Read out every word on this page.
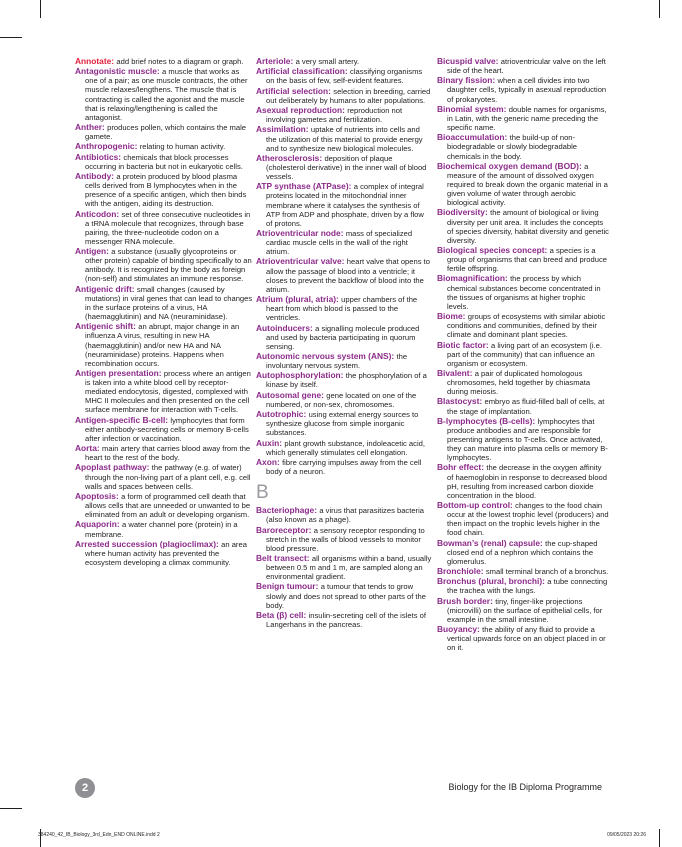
Annotate: add brief notes to a diagram or graph.
Antagonistic muscle: a muscle that works as one of a pair; as one muscle contracts, the other muscle relaxes/lengthens. The muscle that is contracting is called the agonist and the muscle that is relaxing/lengthening is called the antagonist.
Anther: produces pollen, which contains the male gamete.
Anthropogenic: relating to human activity.
Antibiotics: chemicals that block processes occurring in bacteria but not in eukaryotic cells.
Antibody: a protein produced by blood plasma cells derived from B lymphocytes when in the presence of a specific antigen, which then binds with the antigen, aiding its destruction.
Anticodon: set of three consecutive nucleotides in a tRNA molecule that recognizes, through base pairing, the three-nucleotide codon on a messenger RNA molecule.
Antigen: a substance (usually glycoproteins or other protein) capable of binding specifically to an antibody. It is recognized by the body as foreign (non-self) and stimulates an immune response.
Antigenic drift: small changes (caused by mutations) in viral genes that can lead to changes in the surface proteins of a virus, HA (haemagglutinin) and NA (neuraminidase).
Antigenic shift: an abrupt, major change in an influenza A virus, resulting in new HA (haemagglutinin) and/or new HA and NA (neuraminidase) proteins. Happens when recombination occurs.
Antigen presentation: process where an antigen is taken into a white blood cell by receptor-mediated endocytosis, digested, complexed with MHC II molecules and then presented on the cell surface membrane for interaction with T-cells.
Antigen-specific B-cell: lymphocytes that form either antibody-secreting cells or memory B-cells after infection or vaccination.
Aorta: main artery that carries blood away from the heart to the rest of the body.
Apoplast pathway: the pathway (e.g. of water) through the non-living part of a plant cell, e.g. cell walls and spaces between cells.
Apoptosis: a form of programmed cell death that allows cells that are unneeded or unwanted to be eliminated from an adult or developing organism.
Aquaporin: a water channel pore (protein) in a membrane.
Arrested succession (plagioclimax): an area where human activity has prevented the ecosystem developing a climax community.
Arteriole: a very small artery.
Artificial classification: classifying organisms on the basis of few, self-evident features.
Artificial selection: selection in breeding, carried out deliberately by humans to alter populations.
Asexual reproduction: reproduction not involving gametes and fertilization.
Assimilation: uptake of nutrients into cells and the utilization of this material to provide energy and to synthesize new biological molecules.
Atherosclerosis: deposition of plaque (cholesterol derivative) in the inner wall of blood vessels.
ATP synthase (ATPase): a complex of integral proteins located in the mitochondrial inner membrane where it catalyses the synthesis of ATP from ADP and phosphate, driven by a flow of protons.
Atrioventricular node: mass of specialized cardiac muscle cells in the wall of the right atrium.
Atrioventricular valve: heart valve that opens to allow the passage of blood into a ventricle; it closes to prevent the backflow of blood into the atrium.
Atrium (plural, atria): upper chambers of the heart from which blood is passed to the ventricles.
Autoinducers: a signalling molecule produced and used by bacteria participating in quorum sensing.
Autonomic nervous system (ANS): the involuntary nervous system.
Autophosphorylation: the phosphorylation of a kinase by itself.
Autosomal gene: gene located on one of the numbered, or non-sex, chromosomes.
Autotrophic: using external energy sources to synthesize glucose from simple inorganic substances.
Auxin: plant growth substance, indoleacetic acid, which generally stimulates cell elongation.
Axon: fibre carrying impulses away from the cell body of a neuron.
B
Bacteriophage: a virus that parasitizes bacteria (also known as a phage).
Baroreceptor: a sensory receptor responding to stretch in the walls of blood vessels to monitor blood pressure.
Belt transect: all organisms within a band, usually between 0.5 m and 1 m, are sampled along an environmental gradient.
Benign tumour: a tumour that tends to grow slowly and does not spread to other parts of the body.
Beta (β) cell: insulin-secreting cell of the islets of Langerhans in the pancreas.
Bicuspid valve: atrioventricular valve on the left side of the heart.
Binary fission: when a cell divides into two daughter cells, typically in asexual reproduction of prokaryotes.
Binomial system: double names for organisms, in Latin, with the generic name preceding the specific name.
Bioaccumulation: the build-up of non-biodegradable or slowly biodegradable chemicals in the body.
Biochemical oxygen demand (BOD): a measure of the amount of dissolved oxygen required to break down the organic material in a given volume of water through aerobic biological activity.
Biodiversity: the amount of biological or living diversity per unit area. It includes the concepts of species diversity, habitat diversity and genetic diversity.
Biological species concept: a species is a group of organisms that can breed and produce fertile offspring.
Biomagnification: the process by which chemical substances become concentrated in the tissues of organisms at higher trophic levels.
Biome: groups of ecosystems with similar abiotic conditions and communities, defined by their climate and dominant plant species.
Biotic factor: a living part of an ecosystem (i.e. part of the community) that can influence an organism or ecosystem.
Bivalent: a pair of duplicated homologous chromosomes, held together by chiasmata during meiosis.
Blastocyst: embryo as fluid-filled ball of cells, at the stage of implantation.
B-lymphocytes (B-cells): lymphocytes that produce antibodies and are responsible for presenting antigens to T-cells. Once activated, they can mature into plasma cells or memory B-lymphocytes.
Bohr effect: the decrease in the oxygen affinity of haemoglobin in response to decreased blood pH, resulting from increased carbon dioxide concentration in the blood.
Bottom-up control: changes to the food chain occur at the lowest trophic level (producers) and then impact on the trophic levels higher in the food chain.
Bowman’s (renal) capsule: the cup-shaped closed end of a nephron which contains the glomerulus.
Bronchiole: small terminal branch of a bronchus.
Bronchus (plural, bronchi): a tube connecting the trachea with the lungs.
Brush border: tiny, finger-like projections (microvilli) on the surface of epithelial cells, for example in the small intestine.
Buoyancy: the ability of any fluid to provide a vertical upwards force on an object placed in or on it.
2	Biology for the IB Diploma Programme
384240_42_IB_Biology_3rd_Edn_END ONLINE.indd 2	09/05/2023 20:26
